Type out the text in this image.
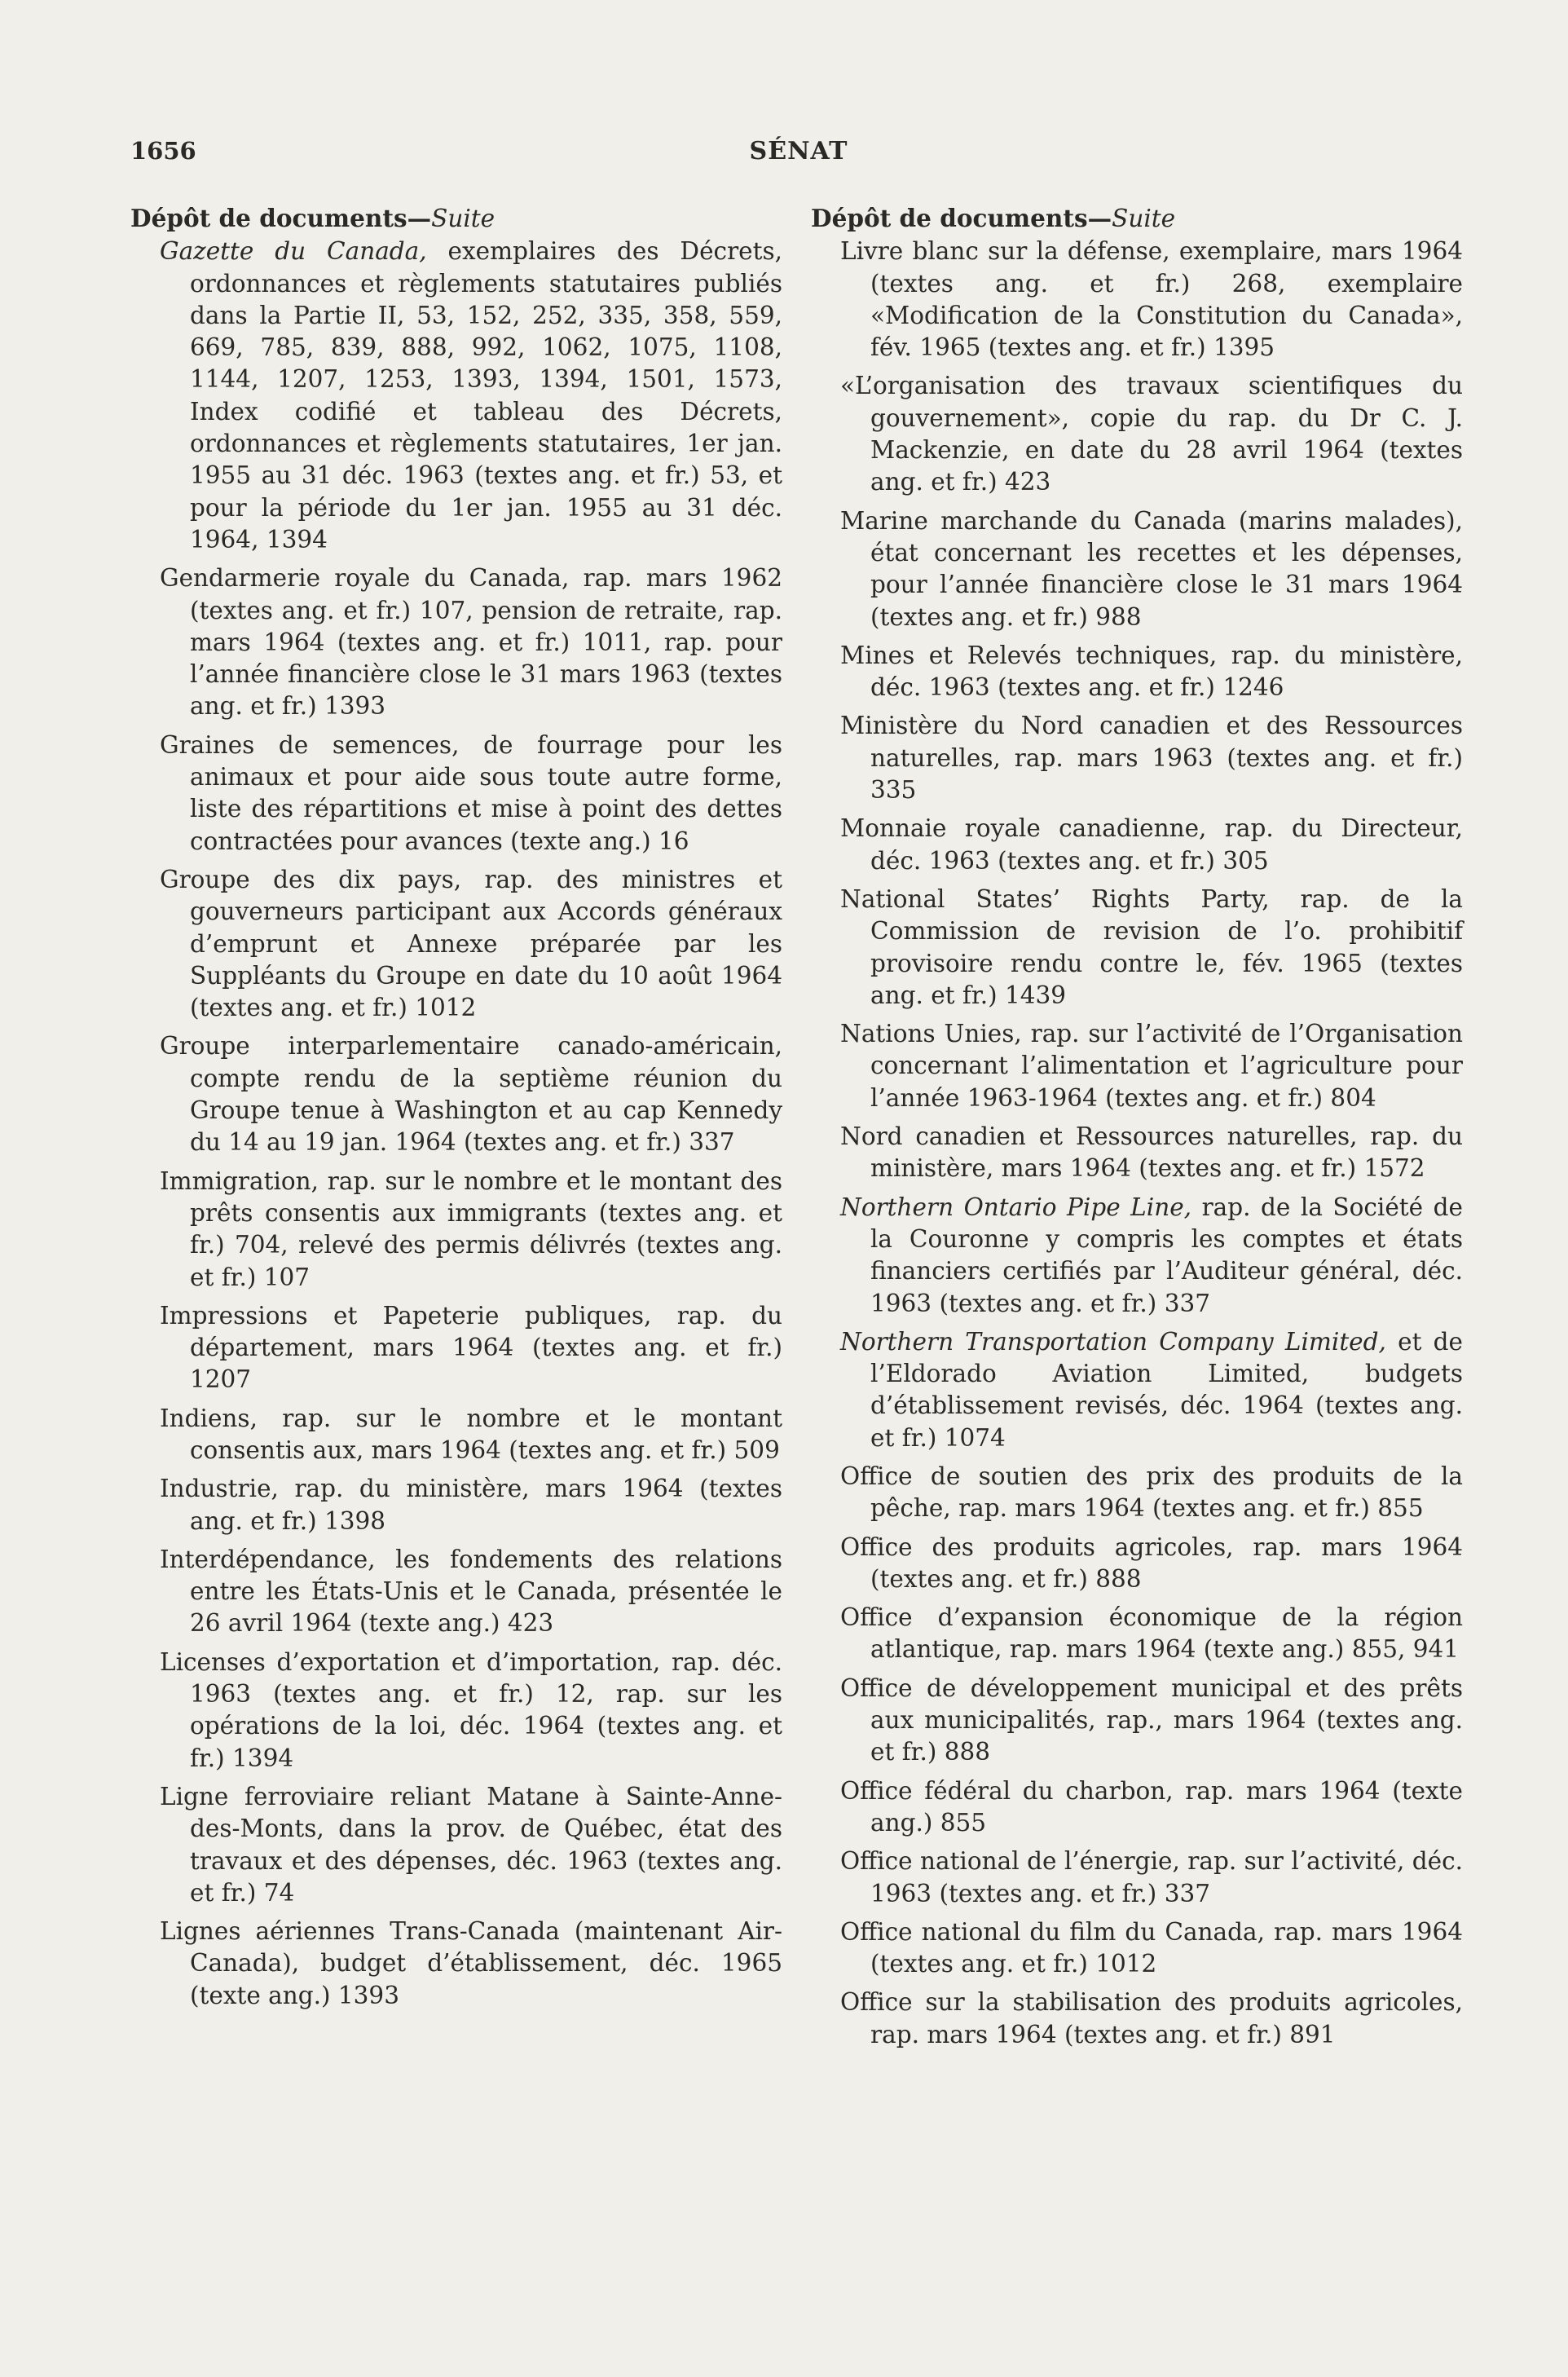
1656	SÉNAT
Dépôt de documents—Suite

Gazette du Canada, exemplaires des Décrets, ordonnances et règlements statutaires publiés dans la Partie II, 53, 152, 252, 335, 358, 559, 669, 785, 839, 888, 992, 1062, 1075, 1108, 1144, 1207, 1253, 1393, 1394, 1501, 1573, Index codifié et tableau des Décrets, ordonnances et règlements statutaires, 1er jan. 1955 au 31 déc. 1963 (textes ang. et fr.) 53, et pour la période du 1er jan. 1955 au 31 déc. 1964, 1394

Gendarmerie royale du Canada, rap. mars 1962 (textes ang. et fr.) 107, pension de retraite, rap. mars 1964 (textes ang. et fr.) 1011, rap. pour l’année financière close le 31 mars 1963 (textes ang. et fr.) 1393

Graines de semences, de fourrage pour les animaux et pour aide sous toute autre forme, liste des répartitions et mise à point des dettes contractées pour avances (texte ang.) 16

Groupe des dix pays, rap. des ministres et gouverneurs participant aux Accords généraux d’emprunt et Annexe préparée par les Suppléants du Groupe en date du 10 août 1964 (textes ang. et fr.) 1012

Groupe interparlementaire canado-américain, compte rendu de la septième réunion du Groupe tenue à Washington et au cap Kennedy du 14 au 19 jan. 1964 (textes ang. et fr.) 337

Immigration, rap. sur le nombre et le montant des prêts consentis aux immigrants (textes ang. et fr.) 704, relevé des permis délivrés (textes ang. et fr.) 107

Impressions et Papeterie publiques, rap. du département, mars 1964 (textes ang. et fr.) 1207

Indiens, rap. sur le nombre et le montant consentis aux, mars 1964 (textes ang. et fr.) 509

Industrie, rap. du ministère, mars 1964 (textes ang. et fr.) 1398

Interdépendance, les fondements des relations entre les États-Unis et le Canada, présentée le 26 avril 1964 (texte ang.) 423

Licenses d’exportation et d’importation, rap. déc. 1963 (textes ang. et fr.) 12, rap. sur les opérations de la loi, déc. 1964 (textes ang. et fr.) 1394

Ligne ferroviaire reliant Matane à Sainte-Anne-des-Monts, dans la prov. de Québec, état des travaux et des dépenses, déc. 1963 (textes ang. et fr.) 74

Lignes aériennes Trans-Canada (maintenant Air-Canada), budget d’établissement, déc. 1965 (texte ang.) 1393

Dépôt de documents—Suite

Livre blanc sur la défense, exemplaire, mars 1964 (textes ang. et fr.) 268, exemplaire «Modification de la Constitution du Canada», fév. 1965 (textes ang. et fr.) 1395

«L’organisation des travaux scientifiques du gouvernement», copie du rap. du Dr C. J. Mackenzie, en date du 28 avril 1964 (textes ang. et fr.) 423

Marine marchande du Canada (marins malades), état concernant les recettes et les dépenses, pour l’année financière close le 31 mars 1964 (textes ang. et fr.) 988

Mines et Relevés techniques, rap. du ministère, déc. 1963 (textes ang. et fr.) 1246

Ministère du Nord canadien et des Ressources naturelles, rap. mars 1963 (textes ang. et fr.) 335

Monnaie royale canadienne, rap. du Directeur, déc. 1963 (textes ang. et fr.) 305

National States’ Rights Party, rap. de la Commission de revision de l’o. prohibitif provisoire rendu contre le, fév. 1965 (textes ang. et fr.) 1439

Nations Unies, rap. sur l’activité de l’Organisation concernant l’alimentation et l’agriculture pour l’année 1963-1964 (textes ang. et fr.) 804

Nord canadien et Ressources naturelles, rap. du ministère, mars 1964 (textes ang. et fr.) 1572

Northern Ontario Pipe Line, rap. de la Société de la Couronne y compris les comptes et états financiers certifiés par l’Auditeur général, déc. 1963 (textes ang. et fr.) 337

Northern Transportation Company Limited, et de l’Eldorado Aviation Limited, budgets d’établissement revisés, déc. 1964 (textes ang. et fr.) 1074

Office de soutien des prix des produits de la pêche, rap. mars 1964 (textes ang. et fr.) 855

Office des produits agricoles, rap. mars 1964 (textes ang. et fr.) 888

Office d’expansion économique de la région atlantique, rap. mars 1964 (texte ang.) 855, 941

Office de développement municipal et des prêts aux municipalités, rap., mars 1964 (textes ang. et fr.) 888

Office fédéral du charbon, rap. mars 1964 (texte ang.) 855

Office national de l’énergie, rap. sur l’activité, déc. 1963 (textes ang. et fr.) 337

Office national du film du Canada, rap. mars 1964 (textes ang. et fr.) 1012

Office sur la stabilisation des produits agricoles, rap. mars 1964 (textes ang. et fr.) 891
